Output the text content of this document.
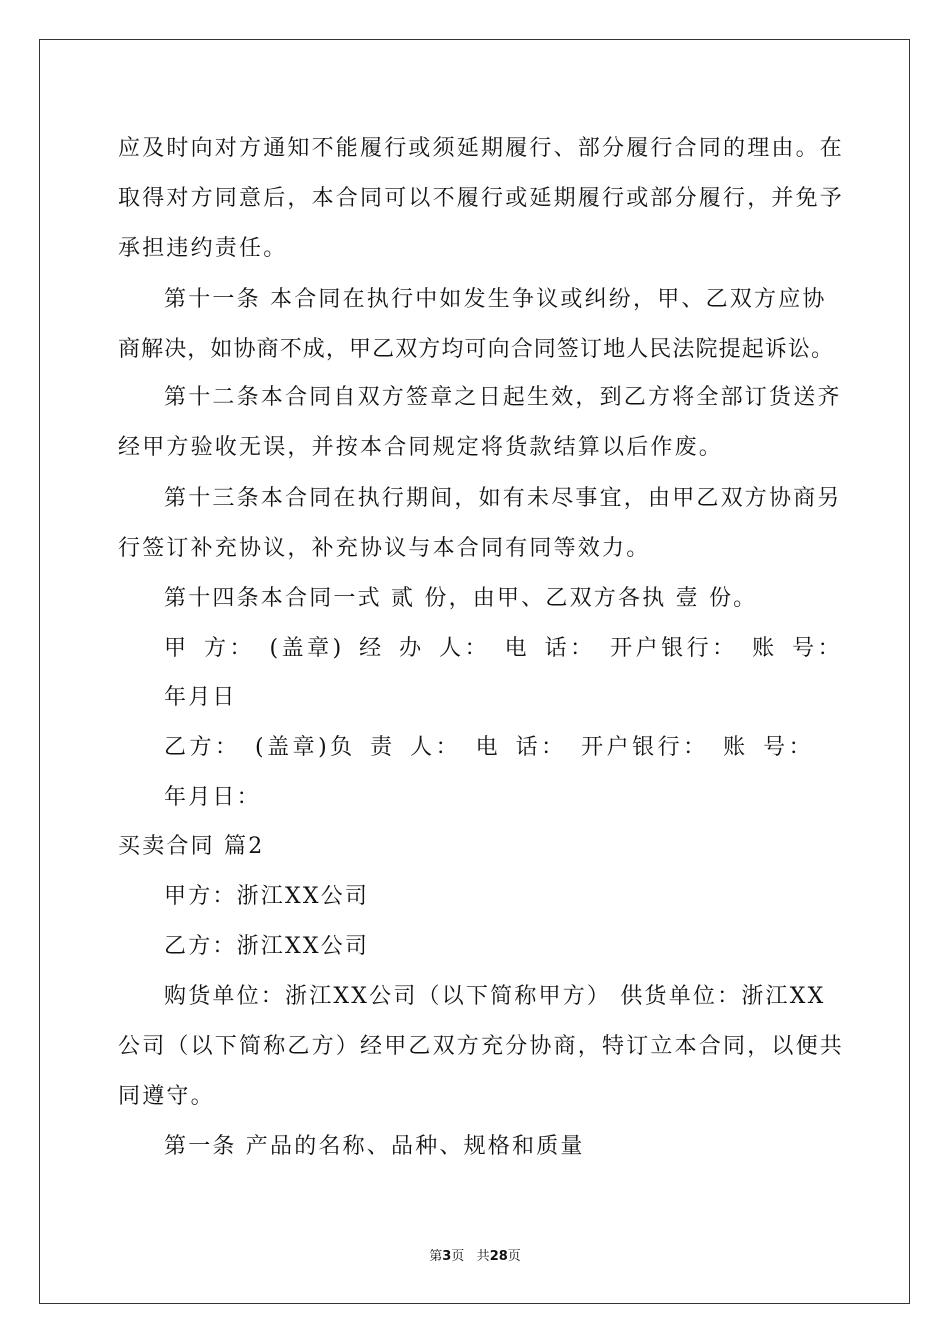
应及时向对方通知不能履行或须延期履行、部分履行合同的理由。在
取得对方同意后，本合同可以不履行或延期履行或部分履行，并免予
承担违约责任。
第十一条 本合同在执行中如发生争议或纠纷，甲、乙双方应协
商解决，如协商不成，甲乙双方均可向合同签订地人民法院提起诉讼。
第十二条本合同自双方签章之日起生效，到乙方将全部订货送齐
经甲方验收无误，并按本合同规定将货款结算以后作废。
第十三条本合同在执行期间，如有未尽事宜，由甲乙双方协商另
行签订补充协议，补充协议与本合同有同等效力。
第十四条本合同一式 贰 份，由甲、乙双方各执 壹 份。
甲 方： (盖章) 经 办 人： 电 话： 开户银行： 账 号：
年月日
乙方： (盖章)负 责 人： 电 话： 开户银行： 账 号：
年月日：
买卖合同 篇2
甲方：浙江XX公司
乙方：浙江XX公司
购货单位：浙江XX公司（以下简称甲方） 供货单位：浙江XX
公司（以下简称乙方）经甲乙双方充分协商，特订立本合同，以便共
同遵守。
第一条 产品的名称、品种、规格和质量
第3页 共28页
